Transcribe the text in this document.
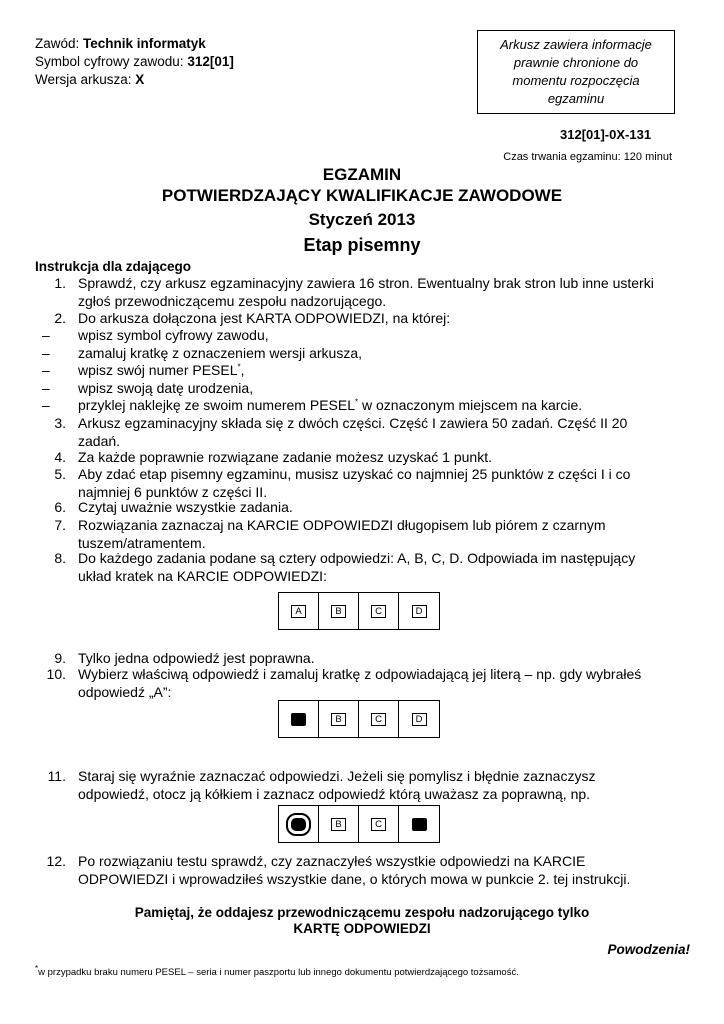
Zawód: Technik informatyk
Symbol cyfrowy zawodu: 312[01]
Wersja arkusza: X
Arkusz zawiera informacje
prawnie chronione do
momentu rozpoczęcia
egzaminu
312[01]-0X-131
Czas trwania egzaminu: 120 minut
EGZAMIN
POTWIERDZAJĄCY KWALIFIKACJE ZAWODOWE
Styczeń 2013
Etap pisemny
Instrukcja dla zdającego
1. Sprawdź, czy arkusz egzaminacyjny zawiera 16 stron. Ewentualny brak stron lub inne usterki
zgłoś przewodniczącemu zespołu nadzorującego.
2. Do arkusza dołączona jest KARTA ODPOWIEDZI, na której:
– wpisz symbol cyfrowy zawodu,
– zamaluj kratkę z oznaczeniem wersji arkusza,
– wpisz swój numer PESEL*,
– wpisz swoją datę urodzenia,
– przyklej naklejkę ze swoim numerem PESEL* w oznaczonym miejscem na karcie.
3. Arkusz egzaminacyjny składa się z dwóch części. Część I zawiera 50 zadań. Część II 20
zadań.
4. Za każde poprawnie rozwiązane zadanie możesz uzyskać 1 punkt.
5. Aby zdać etap pisemny egzaminu, musisz uzyskać co najmniej 25 punktów z części I i co
najmniej 6 punktów z części II.
6. Czytaj uważnie wszystkie zadania.
7. Rozwiązania zaznaczaj na KARCIE ODPOWIEDZI długopisem lub piórem z czarnym
tuszem/atramentem.
8. Do każdego zadania podane są cztery odpowiedzi: A, B, C, D. Odpowiada im następujący
układ kratek na KARCIE ODPOWIEDZI:
A	B	C	D
9. Tylko jedna odpowiedź jest poprawna.
10. Wybierz właściwą odpowiedź i zamaluj kratkę z odpowiadającą jej literą – np. gdy wybrałeś
odpowiedź „A”:
B	C	D
11. Staraj się wyraźnie zaznaczać odpowiedzi. Jeżeli się pomylisz i błędnie zaznaczysz
odpowiedź, otocz ją kółkiem i zaznacz odpowiedź którą uważasz za poprawną, np.
B	C
12. Po rozwiązaniu testu sprawdź, czy zaznaczyłeś wszystkie odpowiedzi na KARCIE
ODPOWIEDZI i wprowadziłeś wszystkie dane, o których mowa w punkcie 2. tej instrukcji.
Pamiętaj, że oddajesz przewodniczącemu zespołu nadzorującego tylko
KARTĘ ODPOWIEDZI
Powodzenia!
*w przypadku braku numeru PESEL – seria i numer paszportu lub innego dokumentu potwierdzającego tożsamość.
